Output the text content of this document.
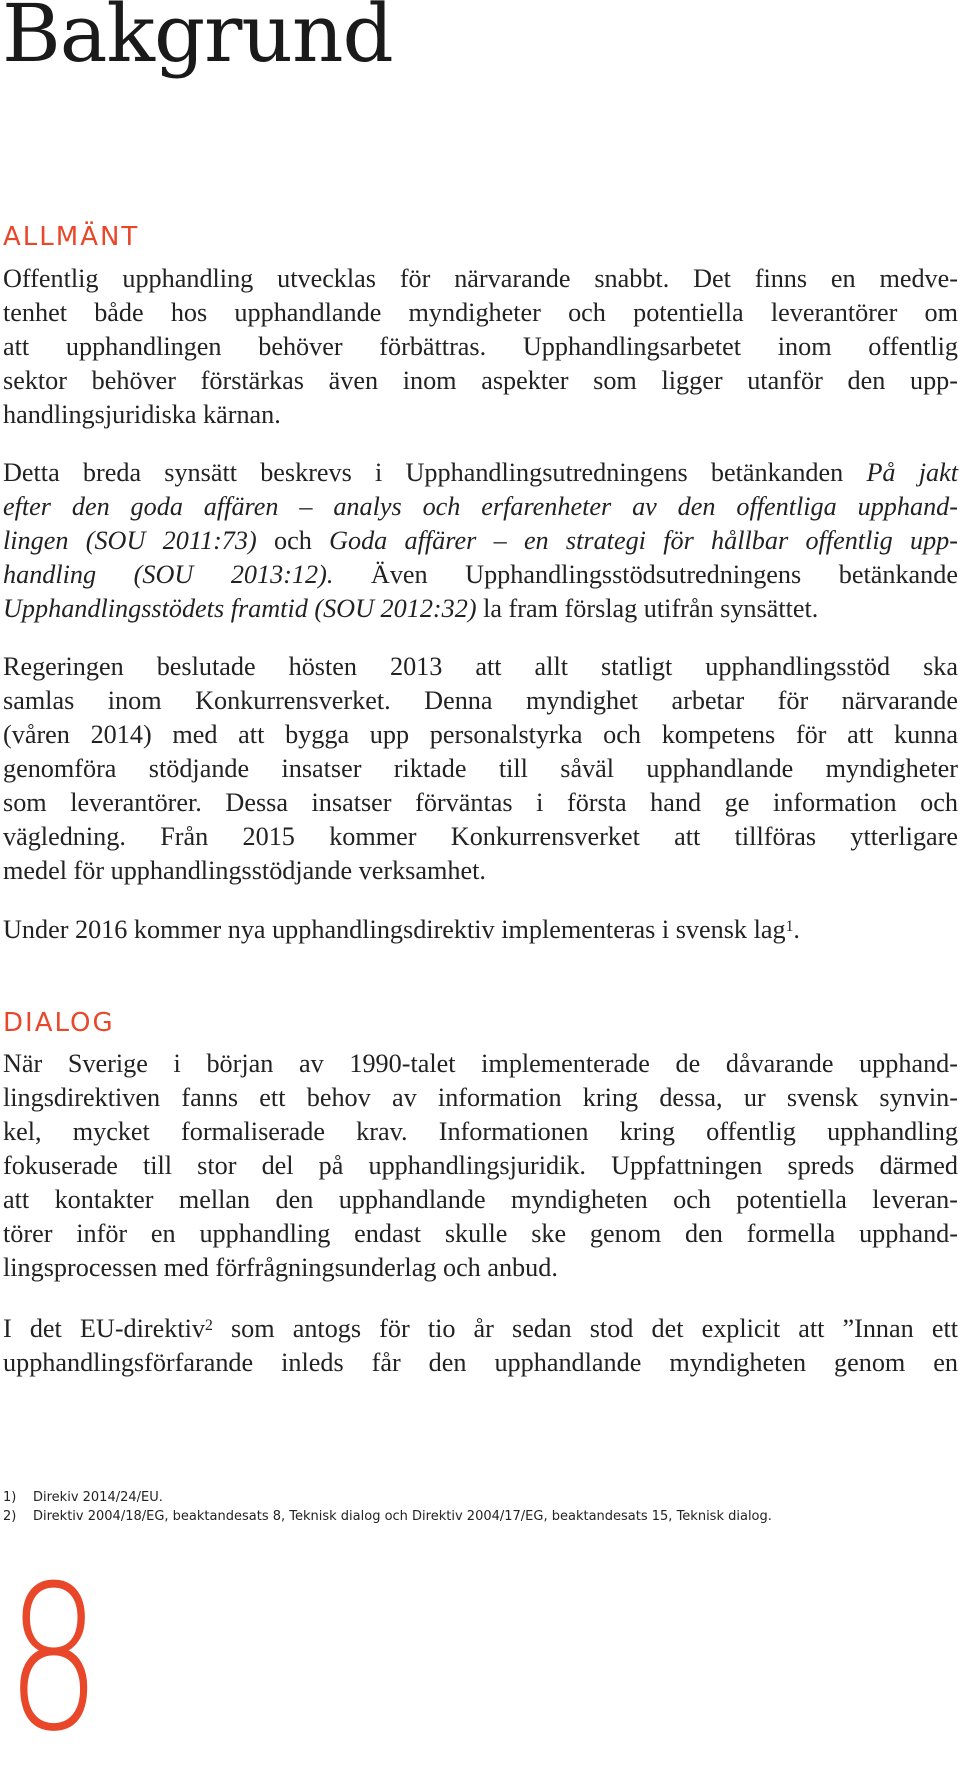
Bakgrund
ALLMÄNT

Offentlig upphandling utvecklas för närvarande snabbt. Det finns en medve-
tenhet både hos upphandlande myndigheter och potentiella leverantörer om
att upphandlingen behöver förbättras. Upphandlingsarbetet inom offentlig
sektor behöver förstärkas även inom aspekter som ligger utanför den upp-
handlingsjuridiska kärnan.

Detta breda synsätt beskrevs i Upphandlingsutredningens betänkanden På jakt
efter den goda affären – analys och erfarenheter av den offentliga upphand-
lingen (SOU 2011:73) och Goda affärer – en strategi för hållbar offentlig upp-
handling (SOU 2013:12). Även Upphandlingsstödsutredningens betänkande
Upphandlingsstödets framtid (SOU 2012:32) la fram förslag utifrån synsättet.

Regeringen beslutade hösten 2013 att allt statligt upphandlingsstöd ska
samlas inom Konkurrensverket. Denna myndighet arbetar för närvarande
(våren 2014) med att bygga upp personalstyrka och kompetens för att kunna
genomföra stödjande insatser riktade till såväl upphandlande myndigheter
som leverantörer. Dessa insatser förväntas i första hand ge information och
vägledning. Från 2015 kommer Konkurrensverket att tillföras ytterligare
medel för upphandlingsstödjande verksamhet.

Under 2016 kommer nya upphandlingsdirektiv implementeras i svensk lag$^1$.

DIALOG

När Sverige i början av 1990-talet implementerade de dåvarande upphand-
lingsdirektiven fanns ett behov av information kring dessa, ur svensk synvin-
kel, mycket formaliserade krav. Informationen kring offentlig upphandling
fokuserade till stor del på upphandlingsjuridik. Uppfattningen spreds därmed
att kontakter mellan den upphandlande myndigheten och potentiella leveran-
törer inför en upphandling endast skulle ske genom den formella upphand-
lingsprocessen med förfrågningsunderlag och anbud.

I det EU-direktiv$^2$ som antogs för tio år sedan stod det explicit att ”Innan ett
upphandlingsförfarande inleds får den upphandlande myndigheten genom en

1)	Direkiv 2014/24/EU.
2)	Direktiv 2004/18/EG, beaktandesats 8, Teknisk dialog och Direktiv 2004/17/EG, beaktandesats 15, Teknisk dialog.
8
